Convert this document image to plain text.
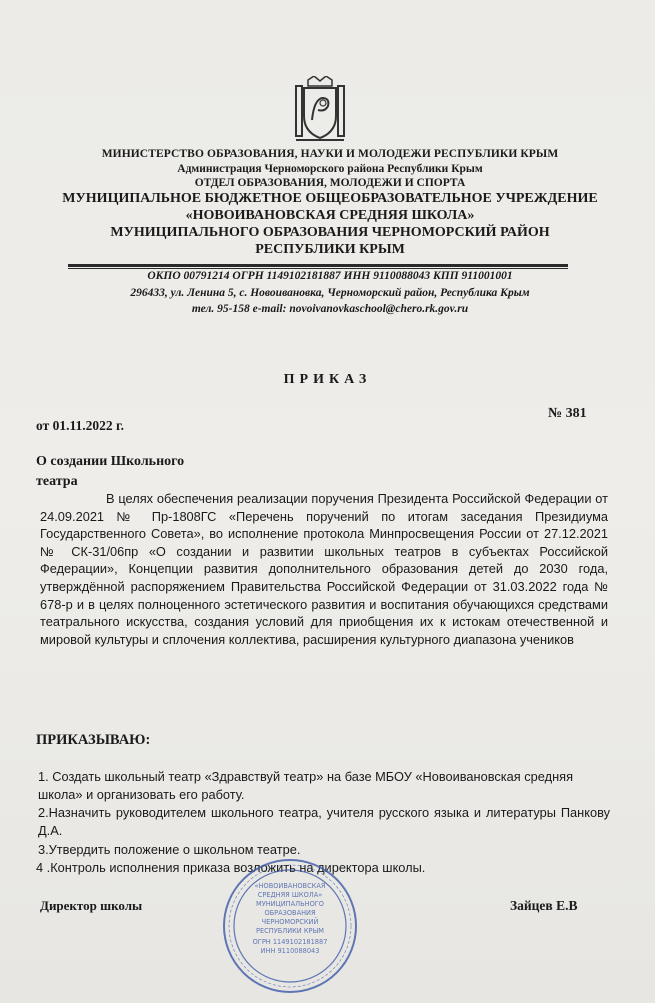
МИНИСТЕРСТВО ОБРАЗОВАНИЯ, НАУКИ И МОЛОДЕЖИ РЕСПУБЛИКИ КРЫМ
Администрация Черноморского района Республики Крым
ОТДЕЛ ОБРАЗОВАНИЯ, МОЛОДЕЖИ И СПОРТА
МУНИЦИПАЛЬНОЕ БЮДЖЕТНОЕ ОБЩЕОБРАЗОВАТЕЛЬНОЕ УЧРЕЖДЕНИЕ
«НОВОИВАНОВСКАЯ СРЕДНЯЯ ШКОЛА»
МУНИЦИПАЛЬНОГО ОБРАЗОВАНИЯ ЧЕРНОМОРСКИЙ РАЙОН
РЕСПУБЛИКИ КРЫМ
ОКПО 00791214 ОГРН 1149102181887 ИНН 9110088043 КПП 911001001
296433, ул. Ленина 5, с. Новоивановка, Черноморский район, Республика Крым
тел. 95-158 e-mail: novoivanovkaschool@chero.rk.gov.ru
ПРИКАЗ
от 01.11.2022 г.
№ 381
О создании Школьного
театра
В целях обеспечения реализации поручения Президента Российской Федерации от 24.09.2021 № Пр-1808ГС «Перечень поручений по итогам заседания Президиума Государственного Совета», во исполнение протокола Минпросвещения России от 27.12.2021 № СК-31/06пр «О создании и развитии школьных театров в субъектах Российской Федерации», Концепции развития дополнительного образования детей до 2030 года, утверждённой распоряжением Правительства Российской Федерации от 31.03.2022 года № 678-р и в целях полноценного эстетического развития и воспитания обучающихся средствами театрального искусства, создания условий для приобщения их к истокам отечественной и мировой культуры и сплочения коллектива, расширения культурного диапазона учеников
ПРИКАЗЫВАЮ:
1. Создать школьный театр «Здравствуй театр» на базе МБОУ «Новоивановская средняя школа» и организовать его работу.
2.Назначить руководителем школьного театра, учителя русского языка и литературы Панкову Д.А.
3.Утвердить положение о школьном театре.
4 .Контроль исполнения приказа возложить на директора школы.
Директор школы	Зайцев Е.В
«НОВОИВАНОВСКАЯ
СРЕДНЯЯ ШКОЛА»
МУНИЦИПАЛЬНОГО
ОБРАЗОВАНИЯ
ЧЕРНОМОРСКИЙ
РЕСПУБЛИКИ КРЫМ
ОГРН 1149102181887
ИНН 9110088043
